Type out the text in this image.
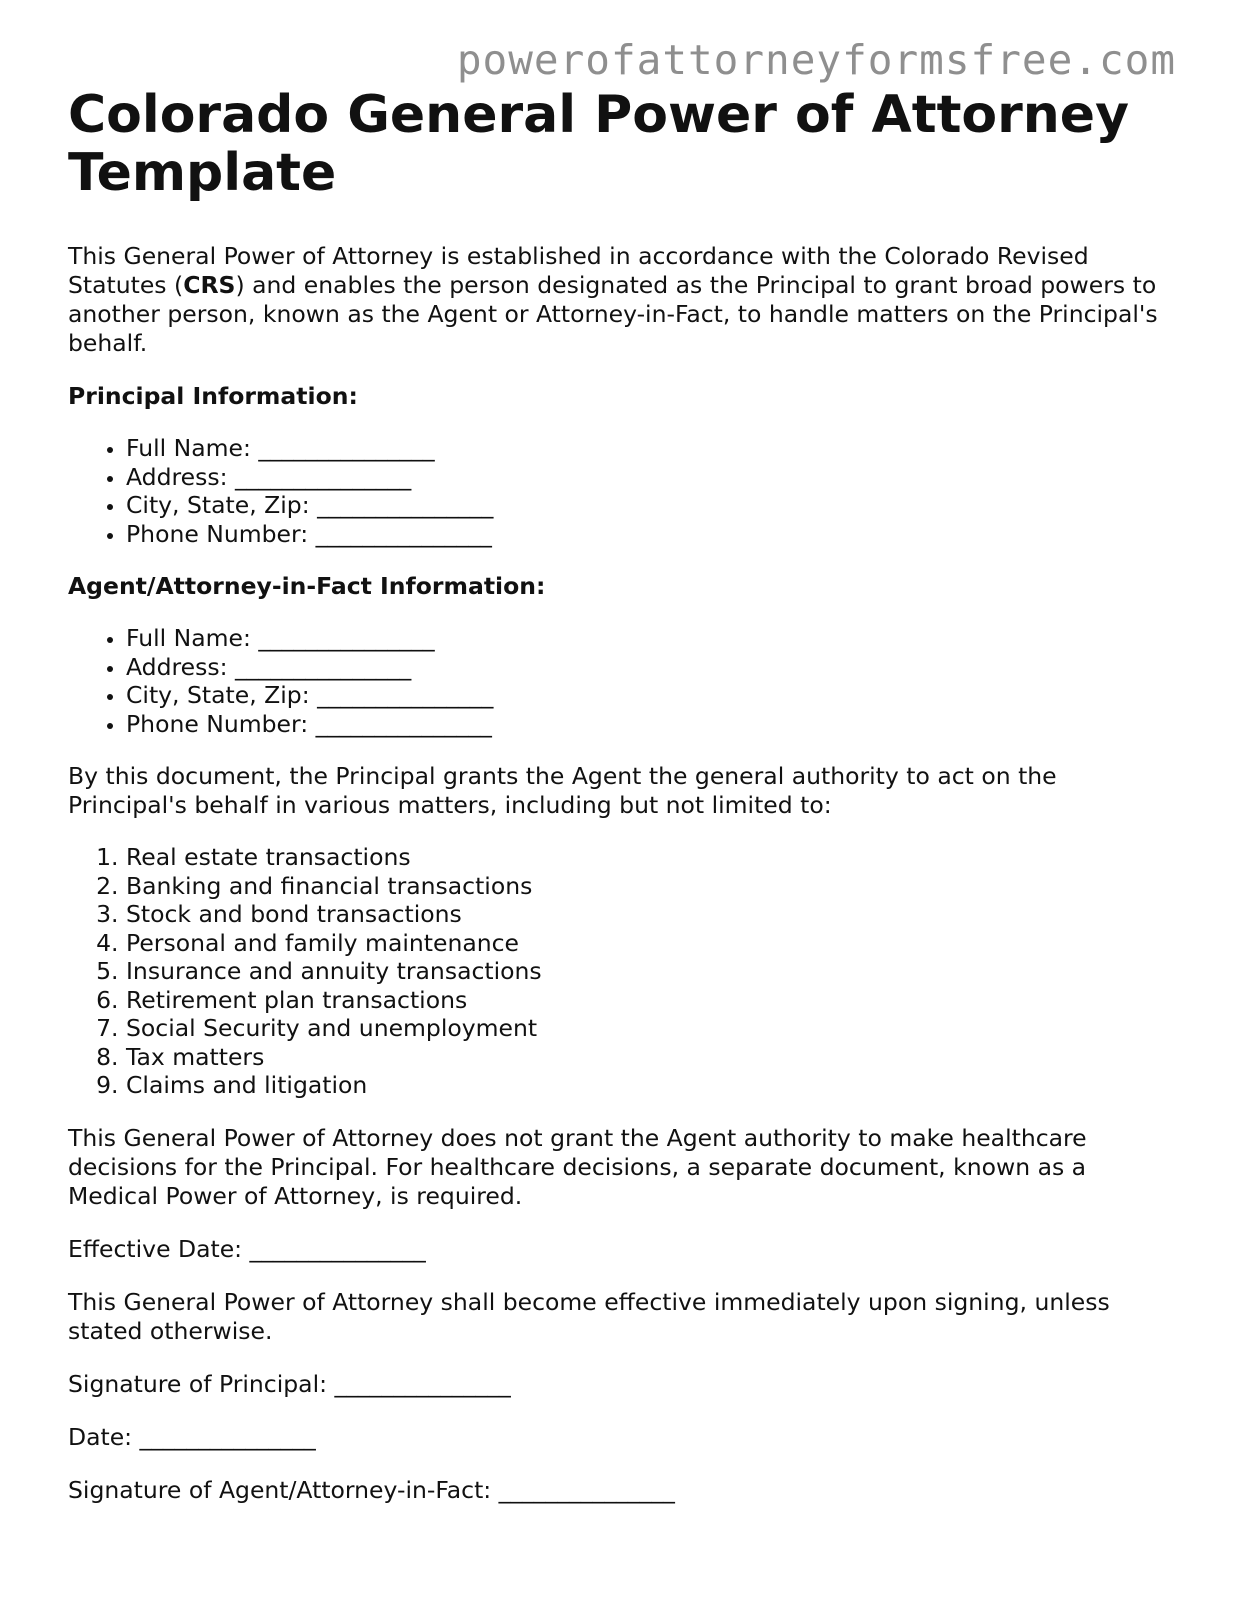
powerofattorneyformsfree.com
Colorado General Power of Attorney Template

This General Power of Attorney is established in accordance with the Colorado Revised Statutes (CRS) and enables the person designated as the Principal to grant broad powers to another person, known as the Agent or Attorney-in-Fact, to handle matters on the Principal's behalf.

Principal Information:

• Full Name: _______________
• Address: _______________
• City, State, Zip: _______________
• Phone Number: _______________

Agent/Attorney-in-Fact Information:

• Full Name: _______________
• Address: _______________
• City, State, Zip: _______________
• Phone Number: _______________

By this document, the Principal grants the Agent the general authority to act on the Principal's behalf in various matters, including but not limited to:

1. Real estate transactions
2. Banking and financial transactions
3. Stock and bond transactions
4. Personal and family maintenance
5. Insurance and annuity transactions
6. Retirement plan transactions
7. Social Security and unemployment
8. Tax matters
9. Claims and litigation

This General Power of Attorney does not grant the Agent authority to make healthcare decisions for the Principal. For healthcare decisions, a separate document, known as a Medical Power of Attorney, is required.

Effective Date: _______________

This General Power of Attorney shall become effective immediately upon signing, unless stated otherwise.

Signature of Principal: _______________

Date: _______________

Signature of Agent/Attorney-in-Fact: _______________
